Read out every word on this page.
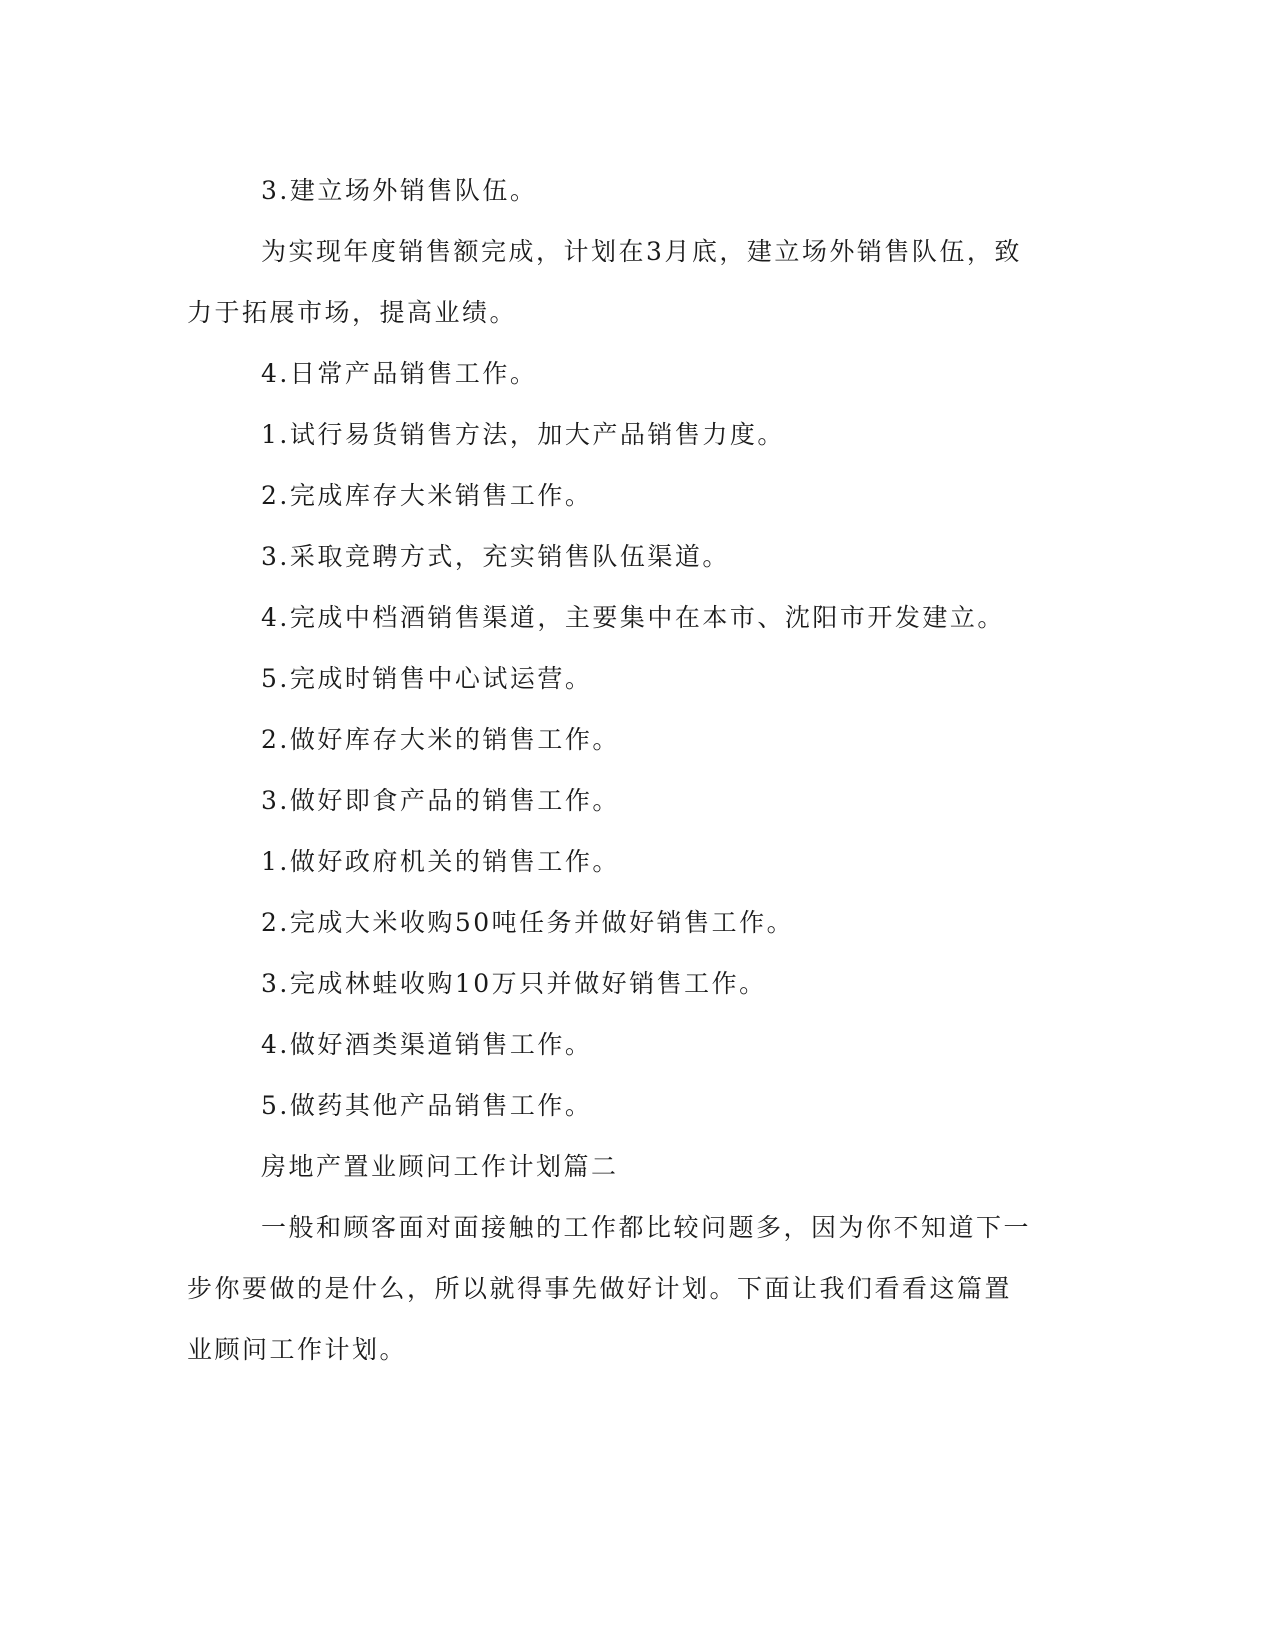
3.建立场外销售队伍。

为实现年度销售额完成，计划在3月底，建立场外销售队伍，致

力于拓展市场，提高业绩。

4.日常产品销售工作。

1.试行易货销售方法，加大产品销售力度。

2.完成库存大米销售工作。

3.采取竞聘方式，充实销售队伍渠道。

4.完成中档酒销售渠道，主要集中在本市、沈阳市开发建立。

5.完成时销售中心试运营。

2.做好库存大米的销售工作。

3.做好即食产品的销售工作。

1.做好政府机关的销售工作。

2.完成大米收购50吨任务并做好销售工作。

3.完成林蛙收购10万只并做好销售工作。

4.做好酒类渠道销售工作。

5.做药其他产品销售工作。

房地产置业顾问工作计划篇二

一般和顾客面对面接触的工作都比较问题多，因为你不知道下一

步你要做的是什么，所以就得事先做好计划。下面让我们看看这篇置

业顾问工作计划。
